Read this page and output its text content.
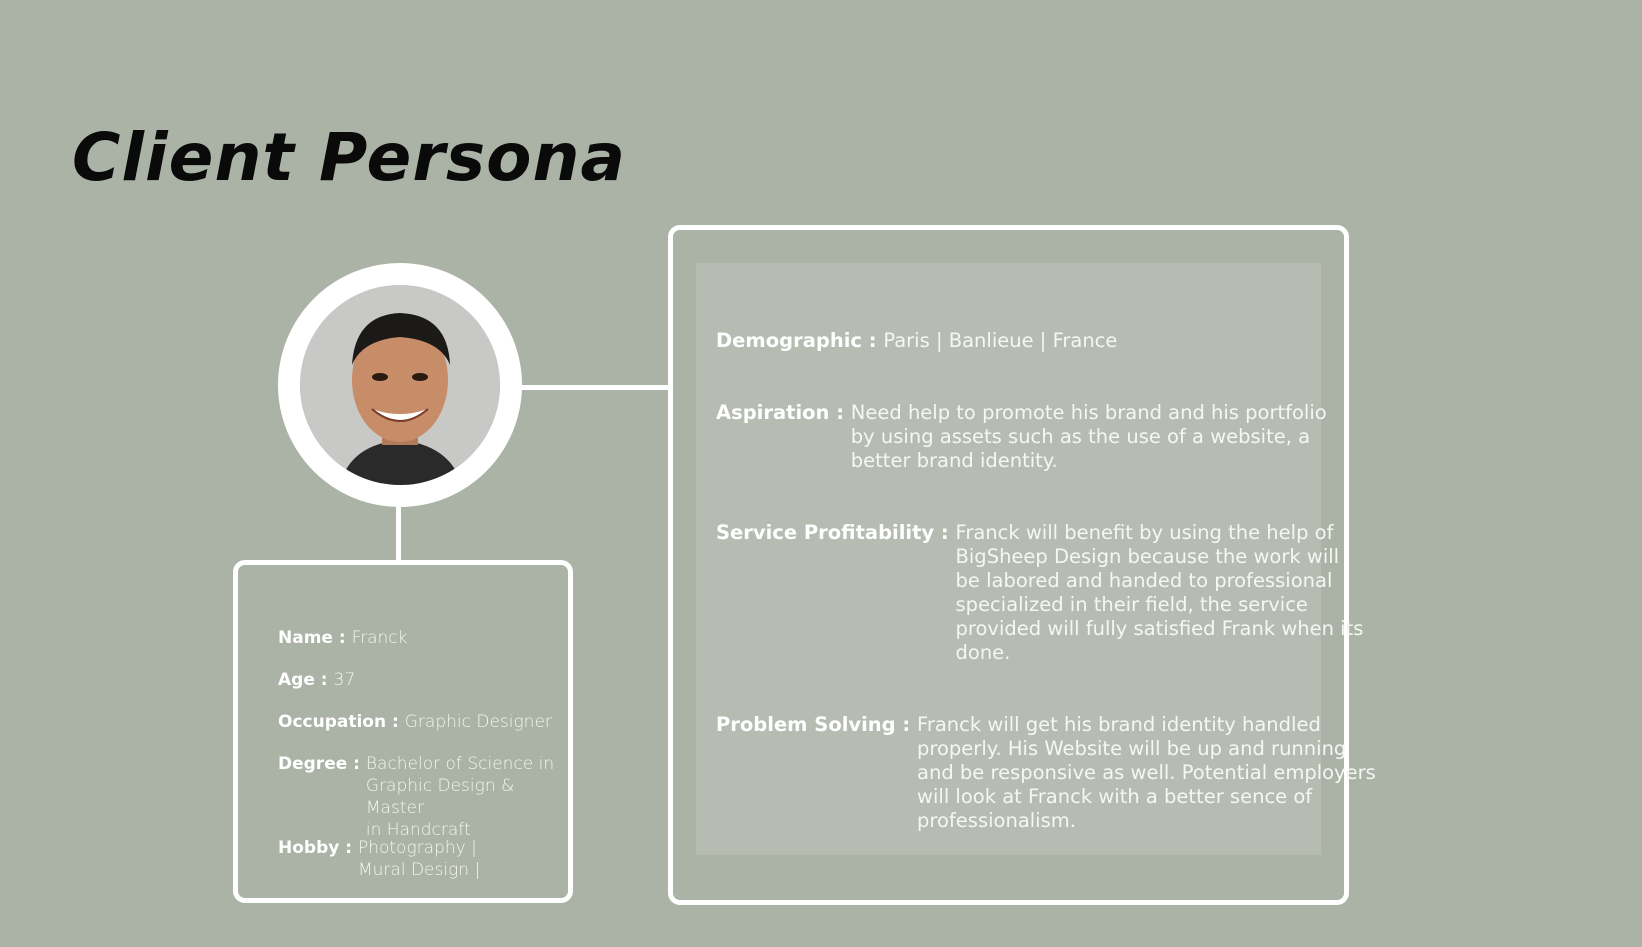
Client Persona
Name : Franck
Age : 37
Occupation : Graphic Designer
Degree : Bachelor of Science in
Graphic Design & Master
in Handcraft
Hobby : Photography |
Mural Design |
Demographic : Paris | Banlieue | France
Aspiration : Need help to promote his brand and his portfolio
by using assets such as the use of a website, a
better brand identity.
Service Profitability : Franck will benefit by using the help of
BigSheep Design because the work will
be labored and handed to professional
specialized in their field, the service
provided will fully satisfied Frank when its
done.
Problem Solving : Franck will get his brand identity handled
properly. His Website will be up and running
and be responsive as well. Potential employers
will look at Franck with a better sence of
professionalism.
